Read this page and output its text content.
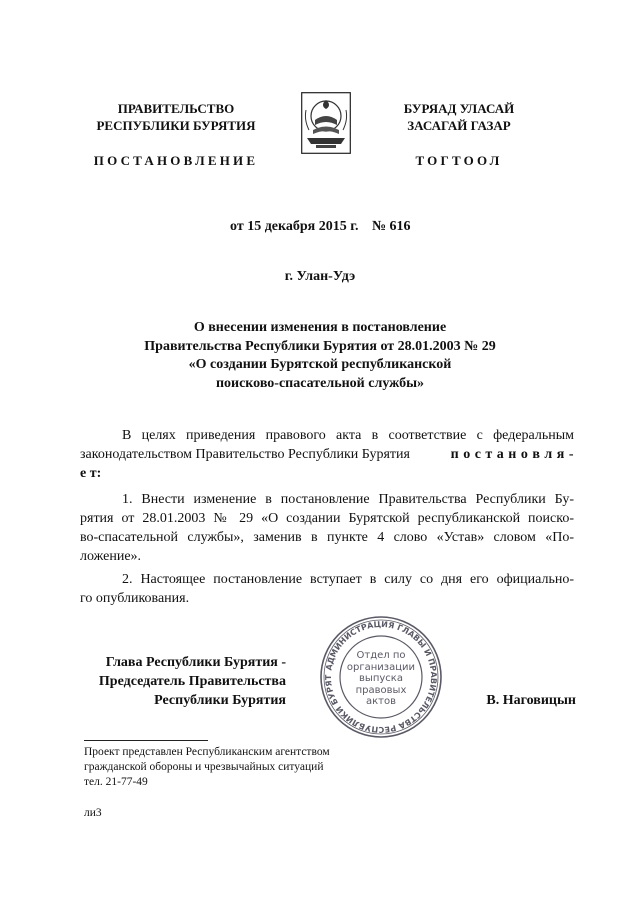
ПРАВИТЕЛЬСТВО
РЕСПУБЛИКИ БУРЯТИЯ
ПОСТАНОВЛЕНИЕ
БУРЯАД УЛАСАЙ
ЗАСАГАЙ ГАЗАР
ТОГТООЛ
от 15 декабря 2015 г. № 616
г. Улан-Удэ
О внесении изменения в постановление
Правительства Республики Бурятия от 28.01.2003 № 29
«О создании Бурятской республиканской
поисково-спасательной службы»
В целях приведения правового акта в соответствие с федеральным
законодательством Правительство Республики Бурятия	п о с т а н о в л я -
е т:
1. Внести изменение в постановление Правительства Республики Бу-
рятия от 28.01.2003 № 29 «О создании Бурятской республиканской поиско-
во-спасательной службы», заменив в пункте 4 слово «Устав» словом «По-
ложение».
2. Настоящее постановление вступает в силу со дня его официально-
го опубликования.
Глава Республики Бурятия -
Председатель Правительства
Республики Бурятия
АДМИНИСТРАЦИЯ ГЛАВЫ И ПРАВИТЕЛЬСТВА РЕСПУБЛИКИ БУРЯТ
Отдел по
организации
выпуска
правовых
актов	В. Наговицын
Проект представлен Республиканским агентством
гражданской обороны и чрезвычайных ситуаций
тел. 21-77-49
ли3
